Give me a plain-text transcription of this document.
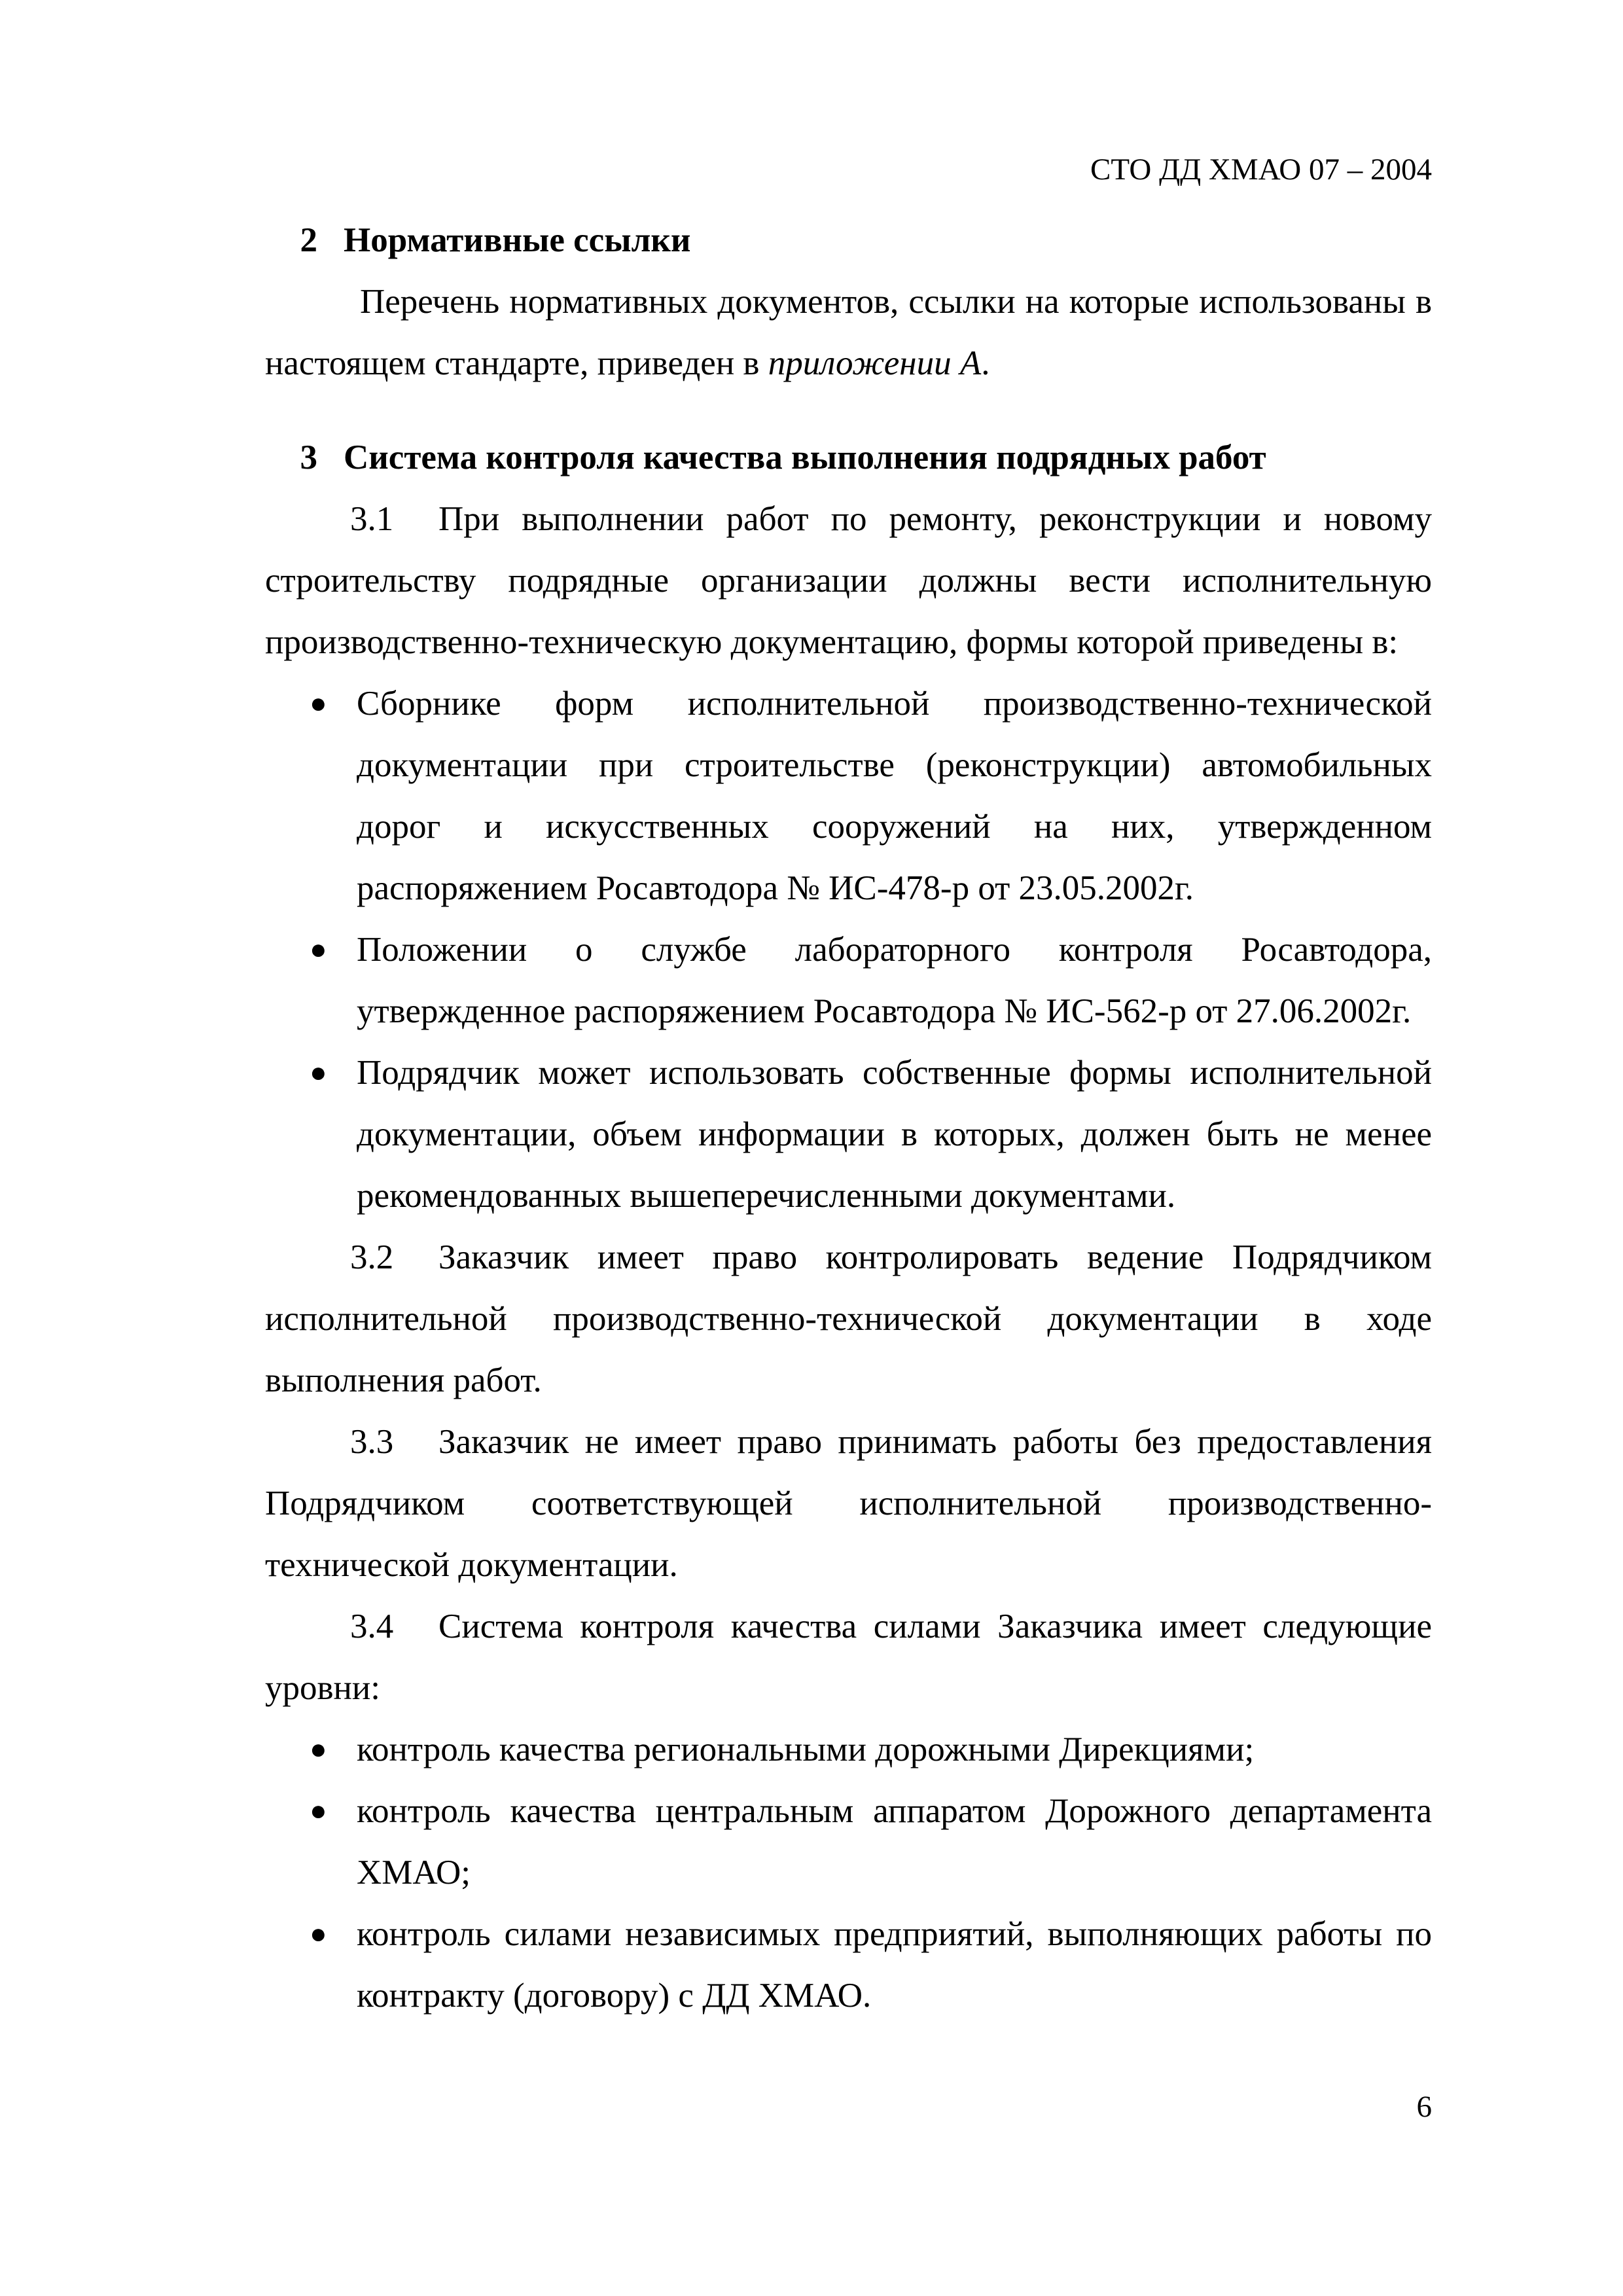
СТО ДД ХМАО 07 – 2004
2 Нормативные ссылки

Перечень нормативных документов, ссылки на которые использованы в настоящем стандарте, приведен в приложении А.

3 Система контроля качества выполнения подрядных работ

3.1 При выполнении работ по ремонту, реконструкции и новому строительству подрядные организации должны вести исполнительную производственно-техническую документацию, формы которой приведены в:

● Сборнике форм исполнительной производственно-технической документации при строительстве (реконструкции) автомобильных дорог и искусственных сооружений на них, утвержденном распоряжением Росавтодора № ИС-478-р от 23.05.2002г.
● Положении о службе лабораторного контроля Росавтодора, утвержденное распоряжением Росавтодора № ИС-562-р от 27.06.2002г.
● Подрядчик может использовать собственные формы исполнительной документации, объем информации в которых, должен быть не менее рекомендованных вышеперечисленными документами.

3.2 Заказчик имеет право контролировать ведение Подрядчиком исполнительной производственно-технической документации в ходе выполнения работ.

3.3 Заказчик не имеет право принимать работы без предоставления Подрядчиком соответствующей исполнительной производственно-технической документации.

3.4 Система контроля качества силами Заказчика имеет следующие уровни:

● контроль качества региональными дорожными Дирекциями;
● контроль качества центральным аппаратом Дорожного департамента ХМАО;
● контроль силами независимых предприятий, выполняющих работы по контракту (договору) с ДД ХМАО.
6
